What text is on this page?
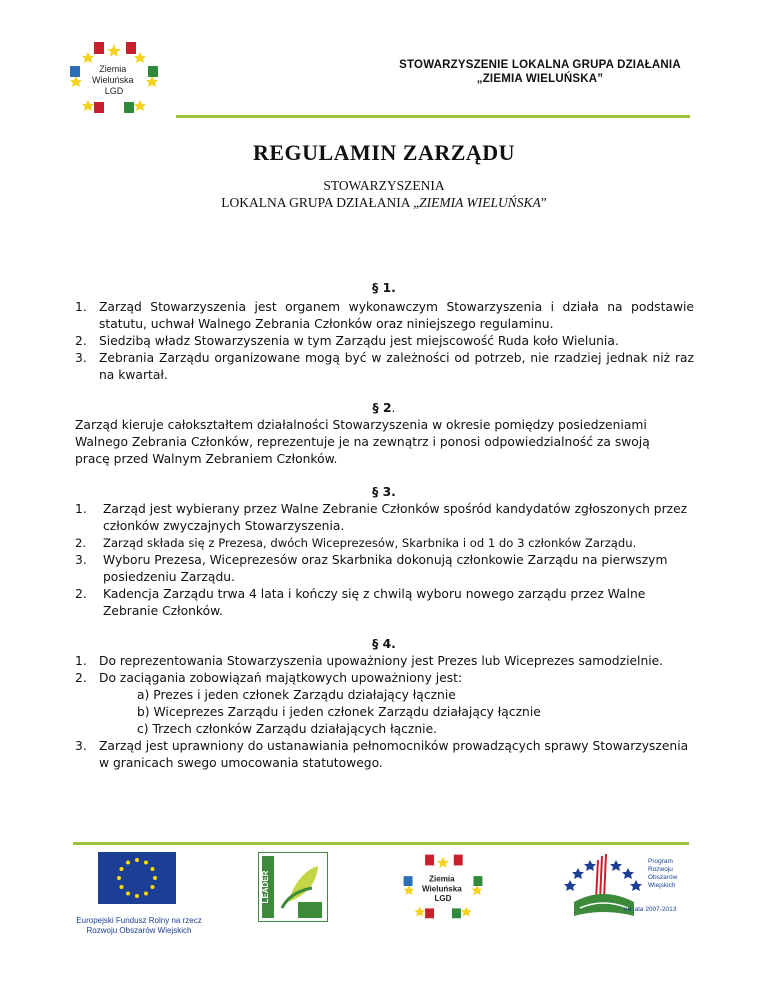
Ziemia Wieluńska LGD
STOWARZYSZENIE LOKALNA GRUPA DZIAŁANIA
„ZIEMIA WIELUŃSKA”
REGULAMIN ZARZĄDU
STOWARZYSZENIA
LOKALNA GRUPA DZIAŁANIA „ZIEMIA WIELUŃSKA”
§ 1.
1. Zarząd Stowarzyszenia jest organem wykonawczym Stowarzyszenia i działa na podstawie statutu, uchwał Walnego Zebrania Członków oraz niniejszego regulaminu.
2. Siedzibą władz Stowarzyszenia w tym Zarządu jest miejscowość Ruda koło Wielunia.
3. Zebrania Zarządu organizowane mogą być w zależności od potrzeb, nie rzadziej jednak niż raz na kwartał.
§ 2.
Zarząd kieruje całokształtem działalności Stowarzyszenia w okresie pomiędzy posiedzeniami Walnego Zebrania Członków, reprezentuje je na zewnątrz i ponosi odpowiedzialność za swoją pracę przed Walnym Zebraniem Członków.
§ 3.
1.	Zarząd jest wybierany przez Walne Zebranie Członków spośród kandydatów zgłoszonych przez członków zwyczajnych Stowarzyszenia.
2.	Zarząd składa się z Prezesa, dwóch Wiceprezesów, Skarbnika i od 1 do 3 członków Zarządu.
3.	Wyboru Prezesa, Wiceprezesów oraz Skarbnika dokonują członkowie Zarządu na pierwszym posiedzeniu Zarządu.
2.	Kadencja Zarządu trwa 4 lata i kończy się z chwilą wyboru nowego zarządu przez Walne Zebranie Członków.
§ 4.
1. Do reprezentowania Stowarzyszenia upoważniony jest Prezes lub Wiceprezes samodzielnie.
2. Do zaciągania zobowiązań majątkowych upoważniony jest:
a) Prezes i jeden członek Zarządu działający łącznie
b) Wiceprezes Zarządu i jeden członek Zarządu działający łącznie
c) Trzech członków Zarządu działających łącznie.
3. Zarząd jest uprawniony do ustanawiania pełnomocników prowadzących sprawy Stowarzyszenia w granicach swego umocowania statutowego.
Europejski Fundusz Rolny na rzecz
Rozwoju Obszarów Wiejskich
LEADER	Ziemia Wieluńska LGD
Program
Rozwoju
Obszarów
Wiejskich
na lata 2007-2013
